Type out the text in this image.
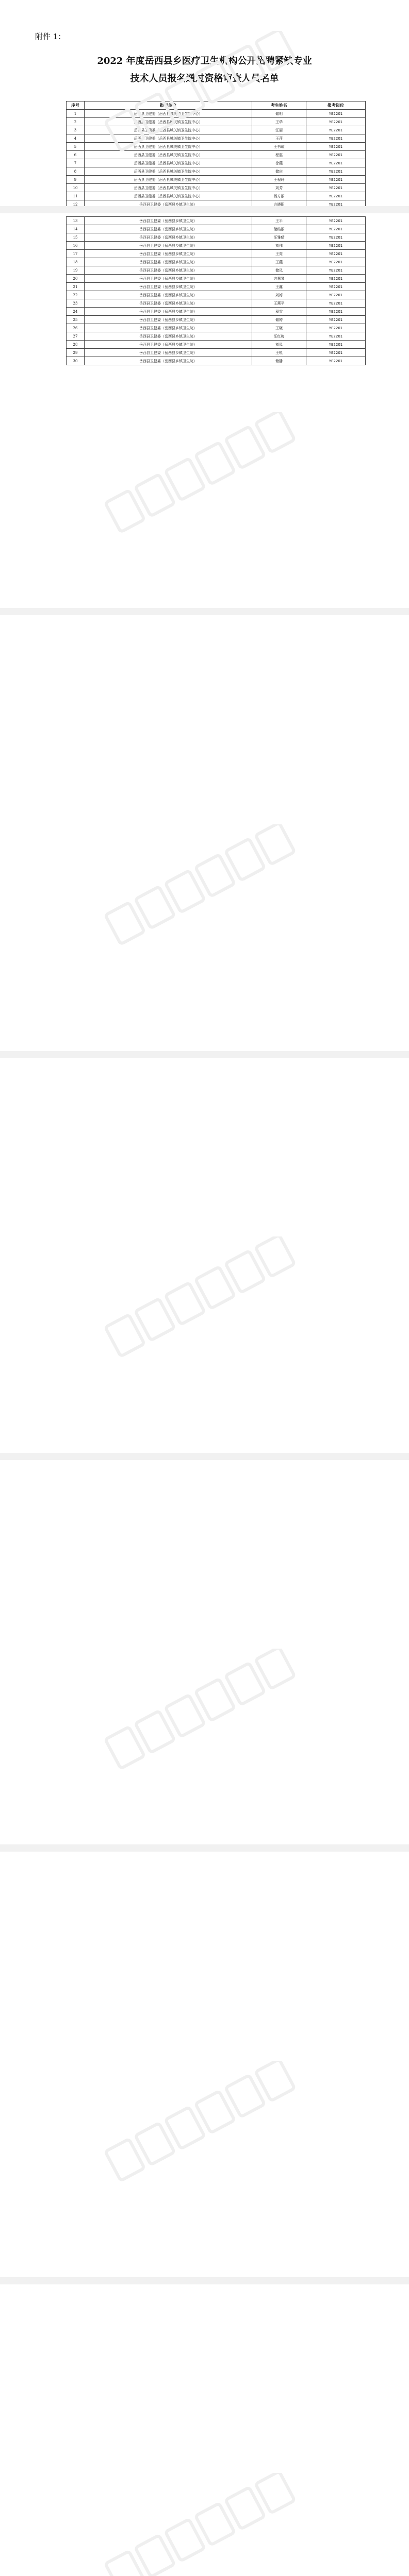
附件 1：
2022 年度岳西县乡医疗卫生机构公开招聘紧缺专业
技术人员报名通过资格审查人员名单
序号	报考单位	考生姓名	报考岗位
1	岳西县卫健委（岳西县城关镇卫生院中心）	储明	YE2201
2	岳西县卫健委（岳西县城关镇卫生院中心）	王华	YE2201
3	岳西县卫健委（岳西县城关镇卫生院中心）	汪丽	YE2201
4	岳西县卫健委（岳西县城关镇卫生院中心）	王萍	YE2201
5	岳西县卫健委（岳西县城关镇卫生院中心）	王书琼	YE2201
6	岳西县卫健委（岳西县城关镇卫生院中心）	程惠	YE2201
7	岳西县卫健委（岳西县城关镇卫生院中心）	徐燕	YE2201
8	岳西县卫健委（岳西县城关镇卫生院中心）	储庆	YE2201
9	岳西县卫健委（岳西县城关镇卫生院中心）	王程玲	YE2201
10	岳西县卫健委（岳西县城关镇卫生院中心）	刘芳	YE2201
11	岳西县卫健委（岳西县城关镇卫生院中心）	杨方丽	YE2201
12	岳西县卫健委（岳西县乡镇卫生院）	方晓阳	YE2201
13	岳西县卫健委（岳西县乡镇卫生院）	王平	YE2201
14	岳西县卫健委（岳西县乡镇卫生院）	储结丽	YE2201
15	岳西县卫健委（岳西县乡镇卫生院）	汪雅晴	YE2201
16	岳西县卫健委（岳西县乡镇卫生院）	刘伟	YE2201
17	岳西县卫健委（岳西县乡镇卫生院）	王亮	YE2201
18	岳西县卫健委（岳西县乡镇卫生院）	王燕	YE2201
19	岳西县卫健委（岳西县乡镇卫生院）	储凤	YE2201
20	岳西县卫健委（岳西县乡镇卫生院）	方慧琴	YE2201
21	岳西县卫健委（岳西县乡镇卫生院）	王鑫	YE2201
22	岳西县卫健委（岳西县乡镇卫生院）	刘婷	YE2201
23	岳西县卫健委（岳西县乡镇卫生院）	王燕平	YE2201
24	岳西县卫健委（岳西县乡镇卫生院）	程雪	YE2201
25	岳西县卫健委（岳西县乡镇卫生院）	储婷	YE2201
26	岳西县卫健委（岳西县乡镇卫生院）	王晓	YE2201
27	岳西县卫健委（岳西县乡镇卫生院）	汪红梅	YE2201
28	岳西县卫健委（岳西县乡镇卫生院）	刘凤	YE2201
29	岳西县卫健委（岳西县乡镇卫生院）	王锐	YE2201
30	岳西县卫健委（岳西县乡镇卫生院）	储静	YE2201
